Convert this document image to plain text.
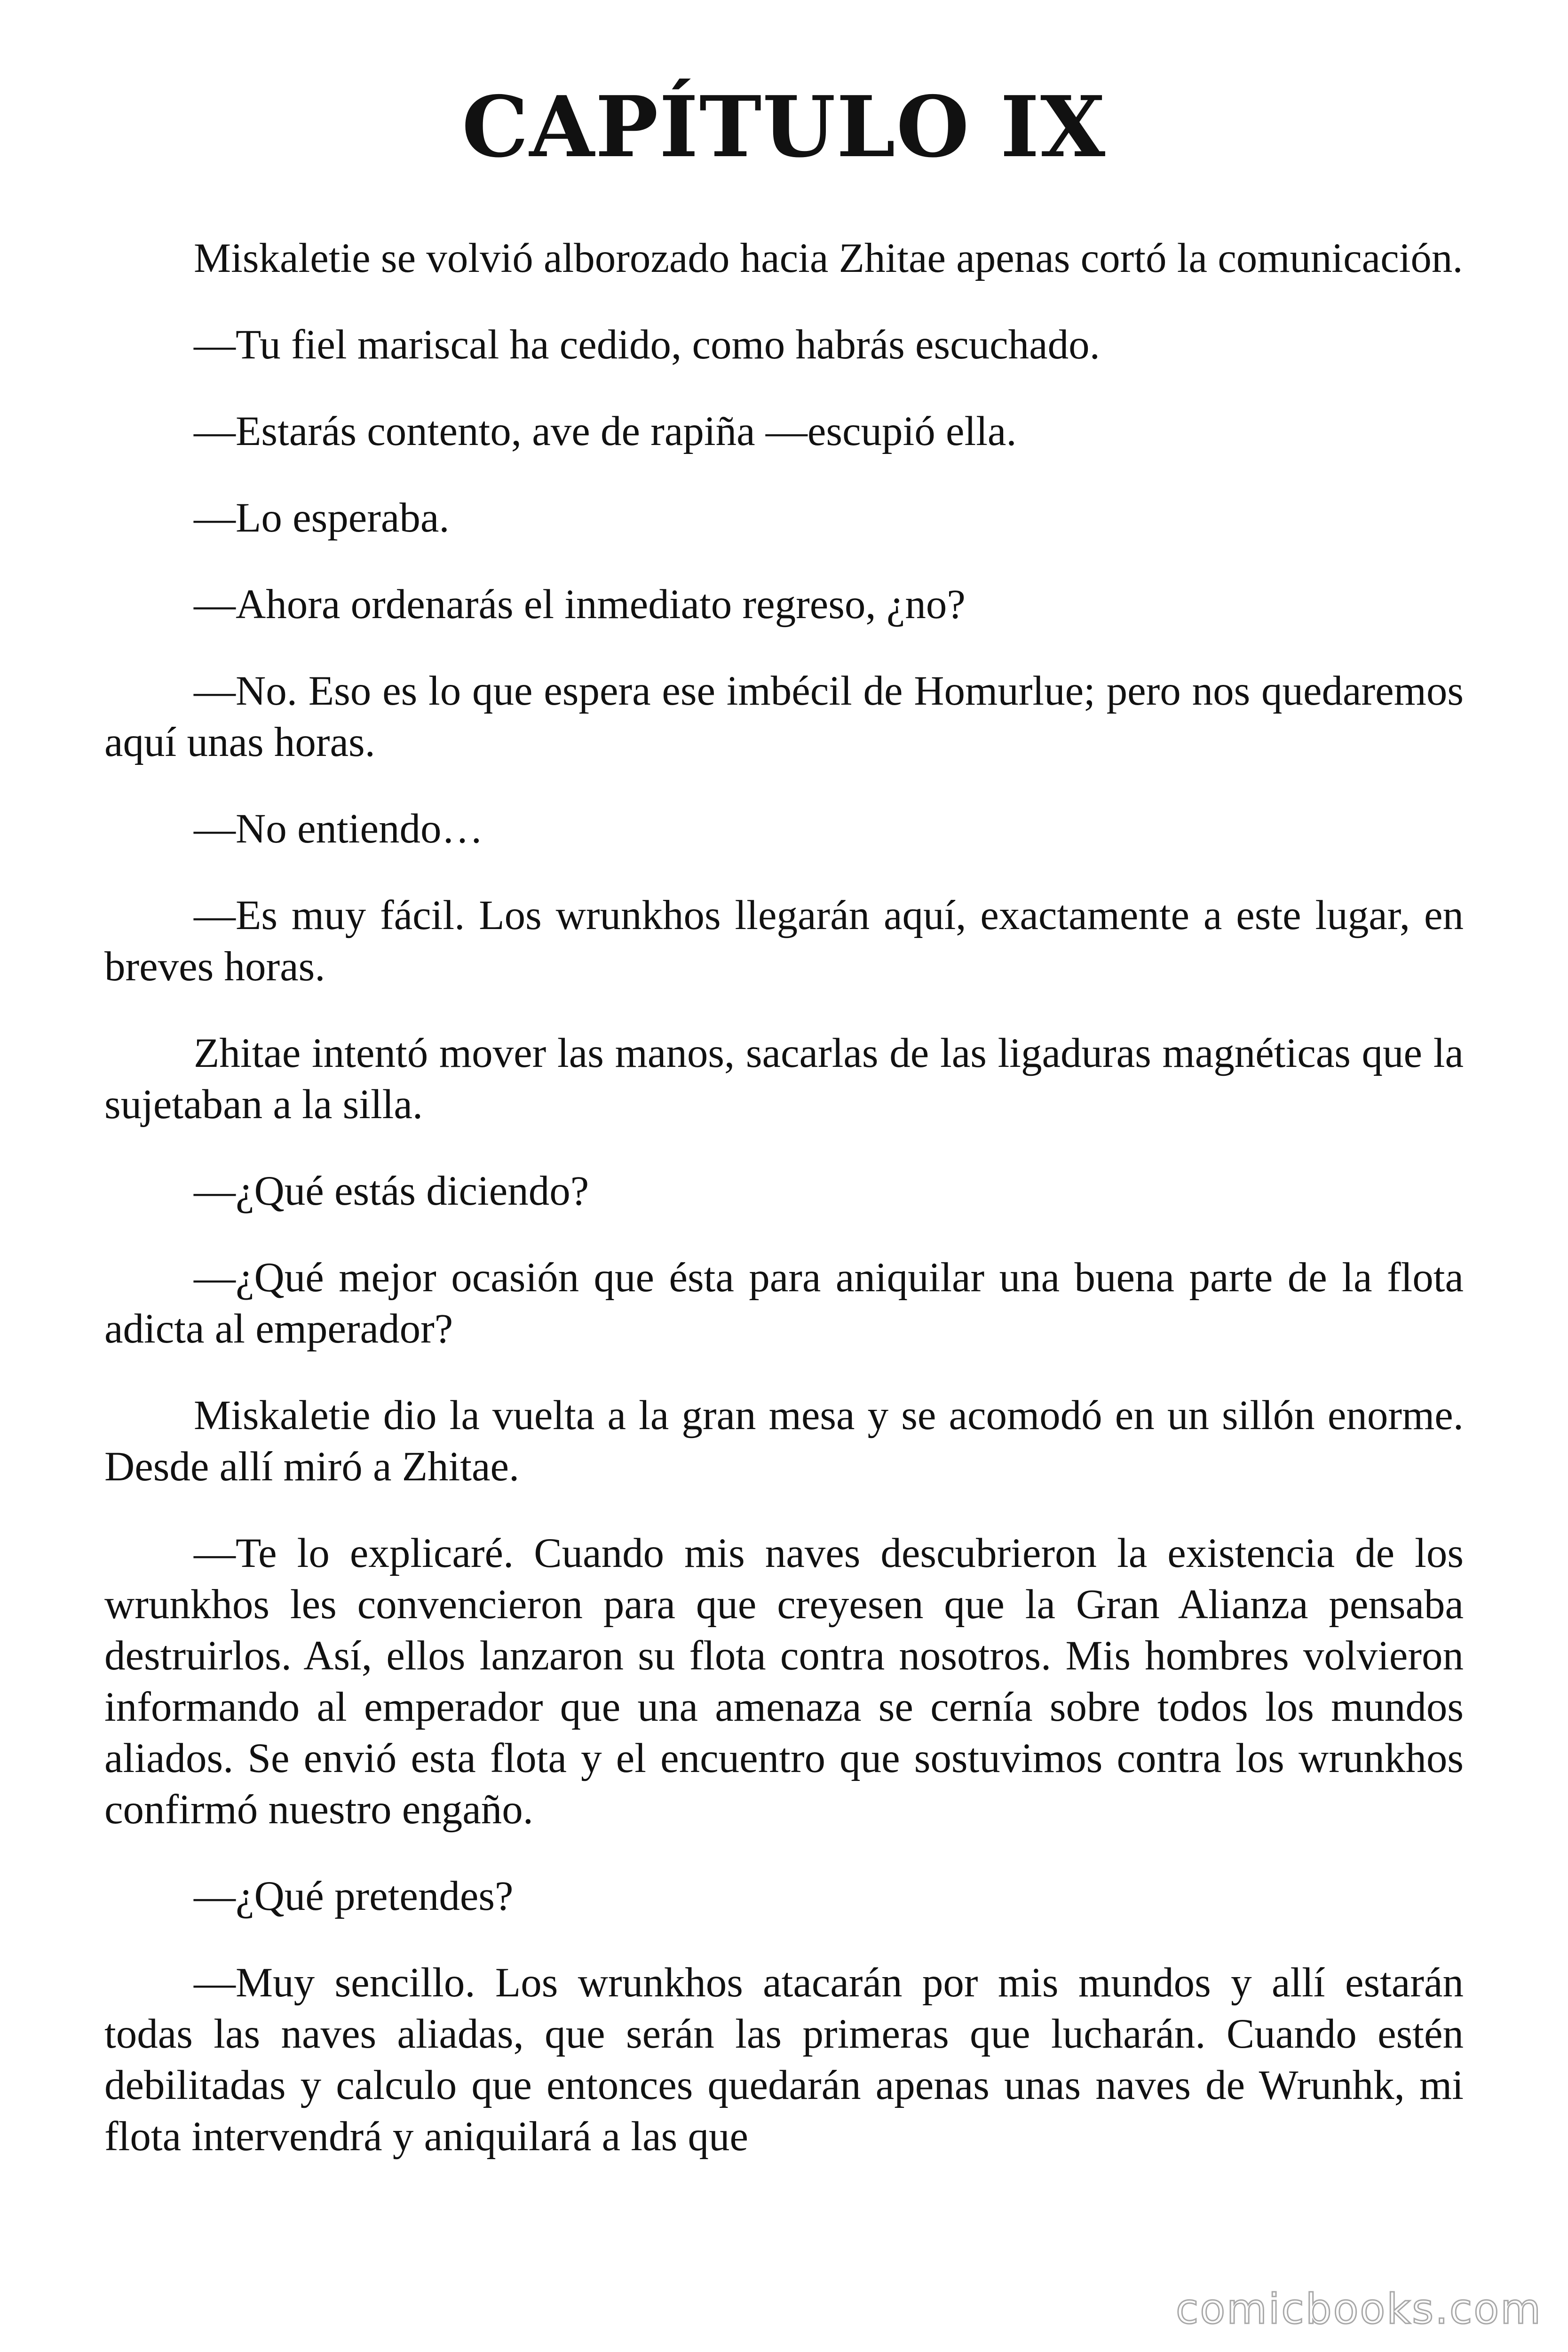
CAPÍTULO IX

Miskaletie se volvió alborozado hacia Zhitae apenas cortó la comunicación.

—Tu fiel mariscal ha cedido, como habrás escuchado.

—Estarás contento, ave de rapiña —escupió ella.

—Lo esperaba.

—Ahora ordenarás el inmediato regreso, ¿no?

—No. Eso es lo que espera ese imbécil de Homurlue; pero nos quedaremos aquí unas horas.

—No entiendo…

—Es muy fácil. Los wrunkhos llegarán aquí, exactamente a este lugar, en breves horas.

Zhitae intentó mover las manos, sacarlas de las ligaduras magnéticas que la sujetaban a la silla.

—¿Qué estás diciendo?

—¿Qué mejor ocasión que ésta para aniquilar una buena parte de la flota adicta al emperador?

Miskaletie dio la vuelta a la gran mesa y se acomodó en un sillón enorme. Desde allí miró a Zhitae.

—Te lo explicaré. Cuando mis naves descubrieron la existencia de los wrunkhos les convencieron para que creyesen que la Gran Alianza pensaba destruirlos. Así, ellos lanzaron su flota contra nosotros. Mis hombres volvieron informando al emperador que una amenaza se cernía sobre todos los mundos aliados. Se envió esta flota y el encuentro que sostuvimos contra los wrunkhos confirmó nuestro engaño.

—¿Qué pretendes?

—Muy sencillo. Los wrunkhos atacarán por mis mundos y allí estarán todas las naves aliadas, que serán las primeras que lucharán. Cuando estén debilitadas y calculo que entonces quedarán apenas unas naves de Wrunhk, mi flota intervendrá y aniquilará a las que

comicbooks.com
